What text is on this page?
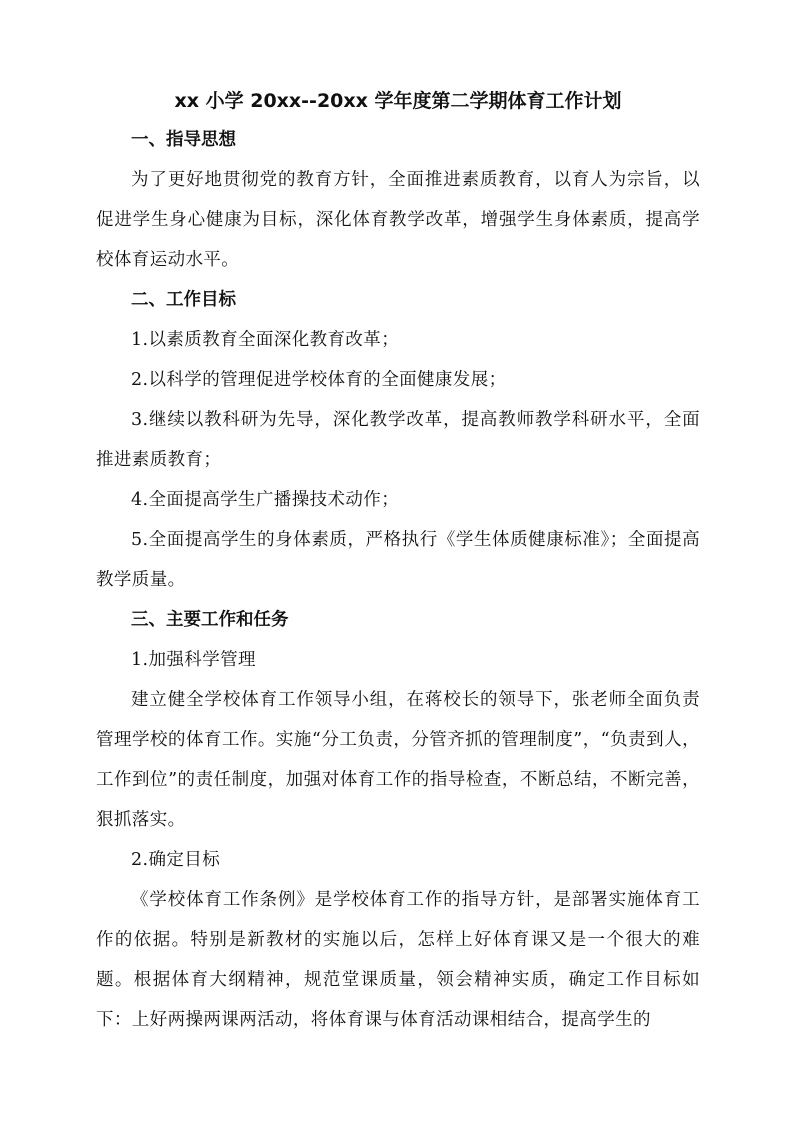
xx 小学 20xx--20xx 学年度第二学期体育工作计划
一、指导思想

为了更好地贯彻党的教育方针，全面推进素质教育，以育人为宗旨，以促进学生身心健康为目标，深化体育教学改革，增强学生身体素质，提高学校体育运动水平。

二、工作目标

1.以素质教育全面深化教育改革；

2.以科学的管理促进学校体育的全面健康发展；

3.继续以教科研为先导，深化教学改革，提高教师教学科研水平，全面推进素质教育；

4.全面提高学生广播操技术动作；

5.全面提高学生的身体素质，严格执行《学生体质健康标准》；全面提高教学质量。

三、主要工作和任务

1.加强科学管理

建立健全学校体育工作领导小组，在蒋校长的领导下，张老师全面负责管理学校的体育工作。实施“分工负责，分管齐抓的管理制度”，“负责到人，工作到位”的责任制度，加强对体育工作的指导检查，不断总结，不断完善，狠抓落实。

2.确定目标

《学校体育工作条例》是学校体育工作的指导方针，是部署实施体育工作的依据。特别是新教材的实施以后，怎样上好体育课又是一个很大的难题。根据体育大纲精神，规范堂课质量，领会精神实质，确定工作目标如下：上好两操两课两活动，将体育课与体育活动课相结合，提高学生的
